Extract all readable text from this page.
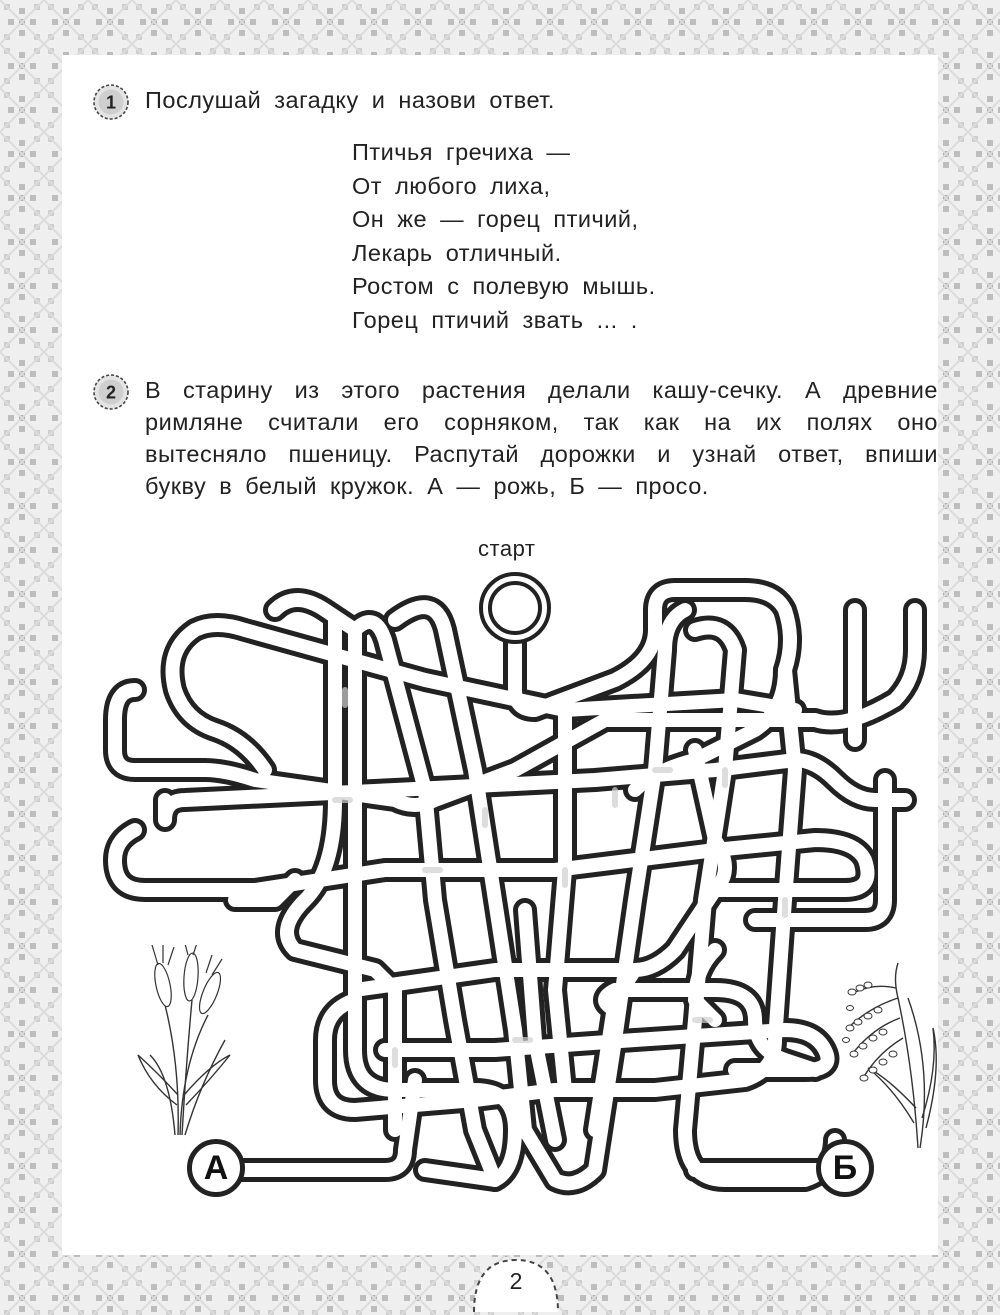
1 Послушай загадку и назови ответ.
Птичья гречиха —
От любого лиха,
Он же — горец птичий,
Лекарь отличный.
Ростом с полевую мышь.
Горец птичий звать ... .
2 В старину из этого растения делали кашу-сечку. А древние римляне считали его сорняком, так как на их полях оно вытесняло пшеницу. Распутай дорожки и узнай ответ, впиши букву в белый кружок. А — рожь, Б — просо.
старт
А	Б
2
